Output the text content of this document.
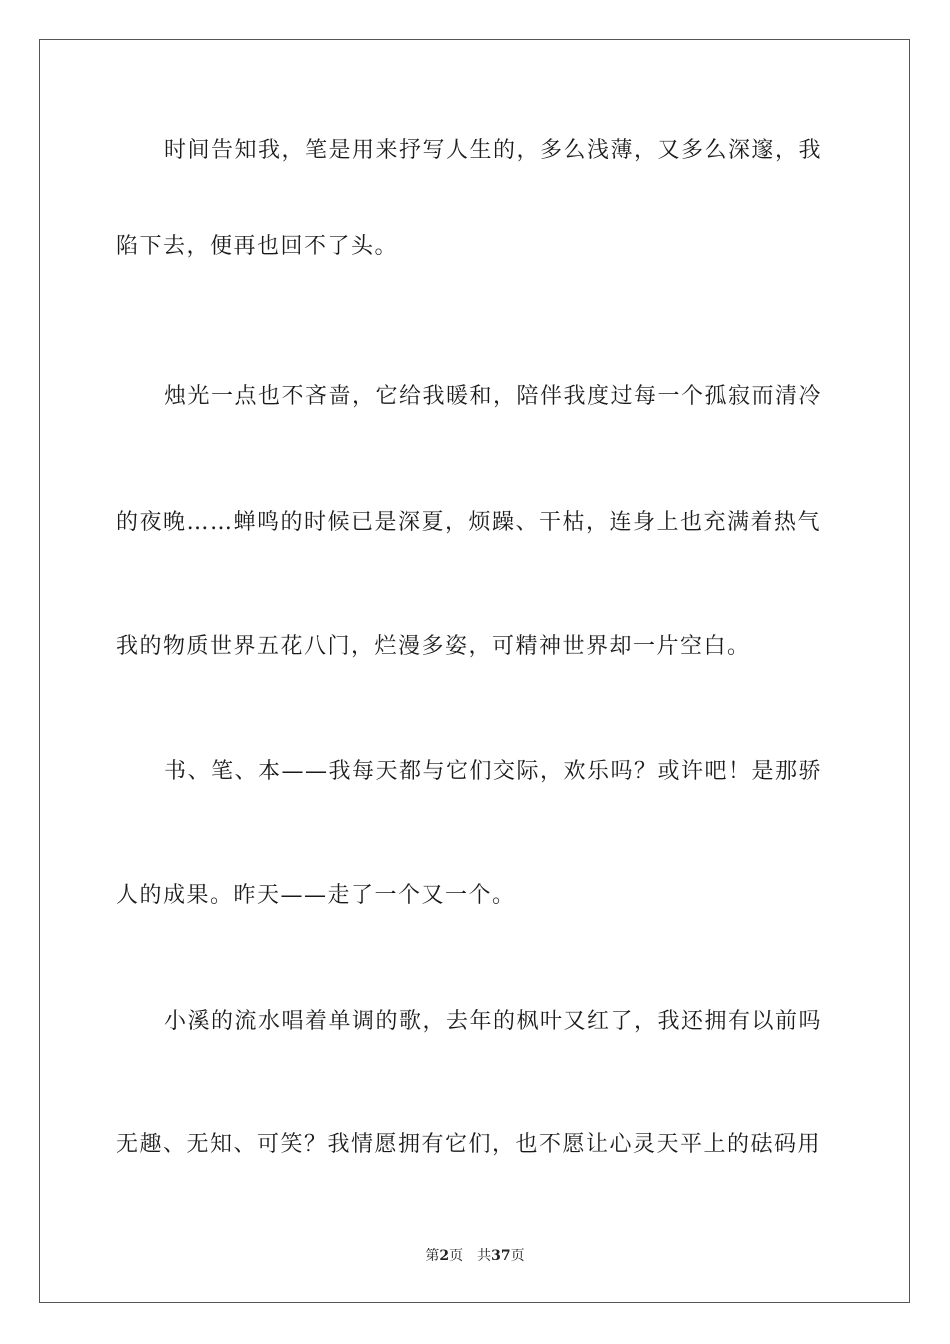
时间告知我，笔是用来抒写人生的，多么浅薄，又多么深邃，我
陷下去，便再也回不了头。
烛光一点也不吝啬，它给我暖和，陪伴我度过每一个孤寂而清冷
的夜晚……蝉鸣的时候已是深夏，烦躁、干枯，连身上也充满着热气
我的物质世界五花八门，烂漫多姿，可精神世界却一片空白。
书、笔、本——我每天都与它们交际，欢乐吗？或许吧！是那骄
人的成果。昨天——走了一个又一个。
小溪的流水唱着单调的歌，去年的枫叶又红了，我还拥有以前吗
无趣、无知、可笑？我情愿拥有它们，也不愿让心灵天平上的砝码用
第2页 共37页
